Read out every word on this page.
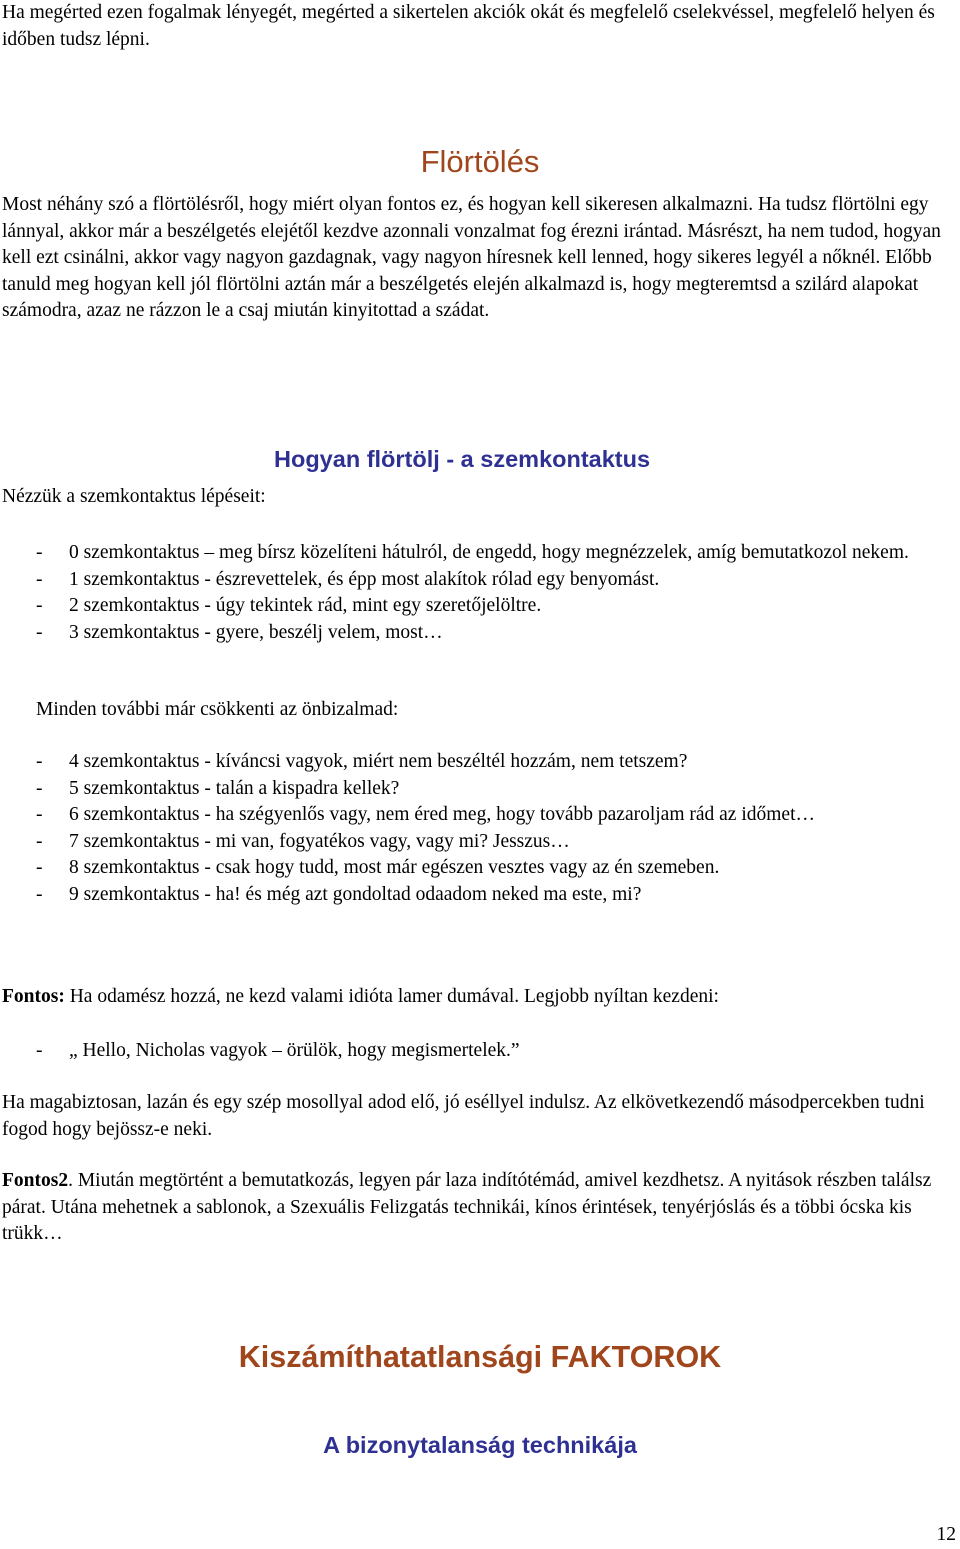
Ha megérted ezen fogalmak lényegét, megérted a sikertelen akciók okát és megfelelő cselekvéssel, megfelelő helyen és időben tudsz lépni.

Flörtölés

Most néhány szó a flörtölésről, hogy miért olyan fontos ez, és hogyan kell sikeresen alkalmazni. Ha tudsz flörtölni egy lánnyal, akkor már a beszélgetés elejétől kezdve azonnali vonzalmat fog érezni irántad. Másrészt, ha nem tudod, hogyan kell ezt csinálni, akkor vagy nagyon gazdagnak, vagy nagyon híresnek kell lenned, hogy sikeres legyél a nőknél. Előbb tanuld meg hogyan kell jól flörtölni aztán már a beszélgetés elején alkalmazd is, hogy megteremtsd a szilárd alapokat számodra, azaz ne rázzon le a csaj miután kinyitottad a szádat.

Hogyan flörtölj - a szemkontaktus

Nézzük a szemkontaktus lépéseit:

- 0 szemkontaktus – meg bírsz közelíteni hátulról, de engedd, hogy megnézzelek, amíg bemutatkozol nekem.
- 1 szemkontaktus - észrevettelek, és épp most alakítok rólad egy benyomást.
- 2 szemkontaktus - úgy tekintek rád, mint egy szeretőjelöltre.
- 3 szemkontaktus - gyere, beszélj velem, most…

Minden további már csökkenti az önbizalmad:

- 4 szemkontaktus - kíváncsi vagyok, miért nem beszéltél hozzám, nem tetszem?
- 5 szemkontaktus - talán a kispadra kellek?
- 6 szemkontaktus - ha szégyenlős vagy, nem éred meg, hogy tovább pazaroljam rád az időmet…
- 7 szemkontaktus - mi van, fogyatékos vagy, vagy mi? Jesszus…
- 8 szemkontaktus - csak hogy tudd, most már egészen vesztes vagy az én szemeben.
- 9 szemkontaktus - ha! és még azt gondoltad odaadom neked ma este, mi?

Fontos: Ha odamész hozzá, ne kezd valami idióta lamer dumával. Legjobb nyíltan kezdeni:

- „ Hello, Nicholas vagyok – örülök, hogy megismertelek.”

Ha magabiztosan, lazán és egy szép mosollyal adod elő, jó eséllyel indulsz. Az elkövetkezendő másodpercekben tudni fogod hogy bejössz-e neki.

Fontos2. Miután megtörtént a bemutatkozás, legyen pár laza indítótémád, amivel kezdhetsz. A nyitások részben találsz párat. Utána mehetnek a sablonok, a Szexuális Felizgatás technikái, kínos érintések, tenyérjóslás és a többi ócska kis trükk…

Kiszámíthatatlansági FAKTOROK
A bizonytalanság technikája
12
